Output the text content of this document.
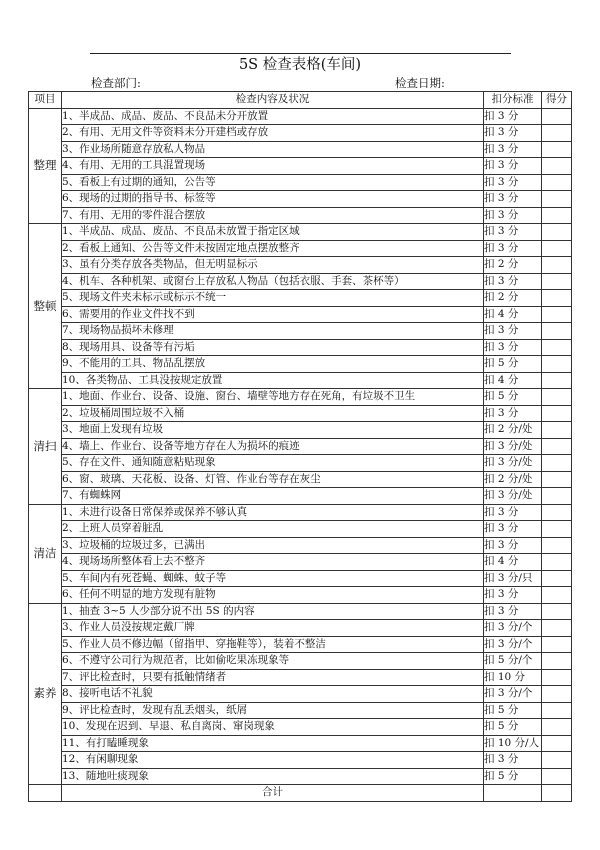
5S 检查表格(车间)
检查部门:	检查日期:
项目	检查内容及状况	扣分标准	得分
整理	1、半成品、成品、废品、不良品未分开放置	扣 3 分	
	2、有用、无用文件等资料未分开建档或存放	扣 3 分	
	3、作业场所随意存放私人物品	扣 3 分	
	4、有用、无用的工具混置现场	扣 3 分	
	5、看板上有过期的通知，公告等	扣 3 分	
	6、现场的过期的指导书、标签等	扣 3 分	
	7、有用、无用的零件混合摆放	扣 3 分	
整顿	1、半成品、成品、废品、不良品未放置于指定区域	扣 3 分	
	2、看板上通知、公告等文件未按固定地点摆放整齐	扣 3 分	
	3、虽有分类存放各类物品，但无明显标示	扣 2 分	
	4、机车、各种机架、或窗台上存放私人物品（包括衣服、手套、茶杯等）	扣 3 分	
	5、现场文件夹未标示或标示不统一	扣 2 分	
	6、需要用的作业文件找不到	扣 4 分	
	7、现场物品损坏未修理	扣 3 分	
	8、现场用具、设备等有污垢	扣 3 分	
	9、不能用的工具、物品乱摆放	扣 5 分	
	10、各类物品、工具没按规定放置	扣 4 分	
清扫	1、地面、作业台、设备、设施、窗台、墙壁等地方存在死角，有垃圾不卫生	扣 5 分	
	2、垃圾桶周围垃圾不入桶	扣 3 分	
	3、地面上发现有垃圾	扣 2 分/处	
	4、墙上、作业台、设备等地方存在人为损坏的痕迹	扣 3 分/处	
	5、存在文件、通知随意粘贴现象	扣 3 分/处	
	6、窗、玻璃、天花板、设备、灯管、作业台等存在灰尘	扣 2 分/处	
	7、有蜘蛛网	扣 3 分/处	
清洁	1、未进行设备日常保养或保养不够认真	扣 3 分	
	2、上班人员穿着脏乱	扣 3 分	
	3、垃圾桶的垃圾过多，已满出	扣 3 分	
	4、现场场所整体看上去不整齐	扣 4 分	
	5、车间内有死苍蝇、蜘蛛、蚊子等	扣 3 分/只	
	6、任何不明显的地方发现有脏物	扣 3 分	
素养	1、抽查 3~5 人少部分说不出 5S 的内容	扣 3 分	
	3、作业人员没按规定戴厂牌	扣 3 分/个	
	5、作业人员不修边幅（留指甲、穿拖鞋等），装着不整洁	扣 3 分/个	
	6、不遵守公司行为规范者，比如偷吃果冻现象等	扣 5 分/个	
	7、评比检查时，只要有抵触情绪者	扣 10 分	
	8、接听电话不礼貌	扣 3 分/个	
	9、评比检查时，发现有乱丢烟头，纸屑	扣 5 分	
	10、发现在迟到、早退、私自离岗、窜岗现象	扣 5 分	
	11、有打瞌睡现象	扣 10 分/人	
	12、有闲聊现象	扣 3 分	
	13、随地吐痰现象	扣 5 分	
	合计		
